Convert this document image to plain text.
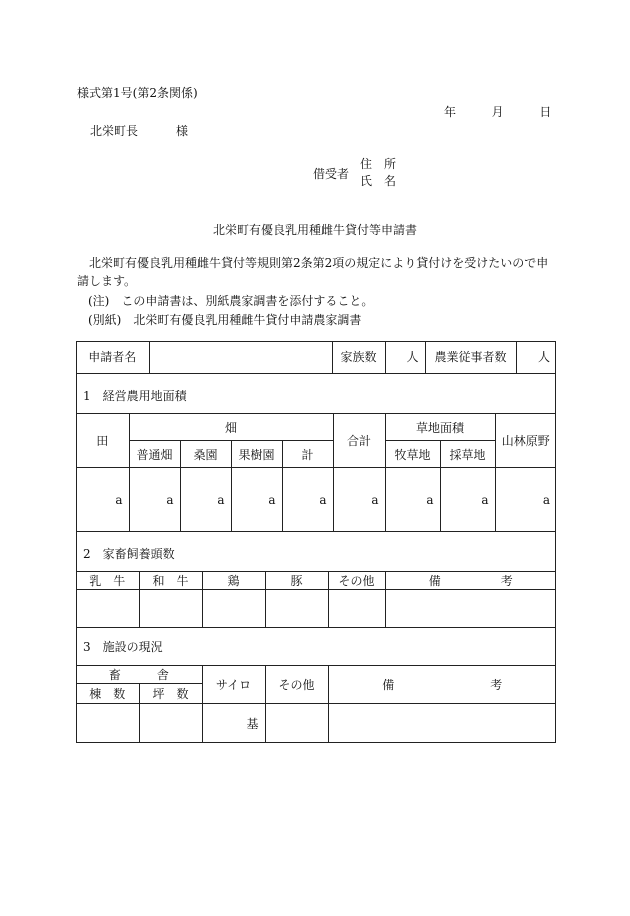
様式第1号(第2条関係)
年	月	日
北栄町長	様
借受者
住　所
氏　名
北栄町有優良乳用種雌牛貸付等申請書
北栄町有優良乳用種雌牛貸付等規則第2条第2項の規定により貸付けを受けたいので申請します。
(注) この申請書は、別紙農家調書を添付すること。
(別紙) 北栄町有優良乳用種雌牛貸付申請農家調書
申請者名		家族数	人	農業従事者数	人
1　経営農用地面積
田	畑				合計	草地面積		山林原野
	普通畑	桑園	果樹園	計		牧草地	採草地	
a	a	a	a	a	a	a	a	a
2　家畜飼養頭数
乳　牛	和　牛	鶏	豚	その他	備　　　　　考

3　施設の現況
畜　　　舎		サイロ	その他	備　　　　　　　　考
棟　数	坪　数			
		基		
